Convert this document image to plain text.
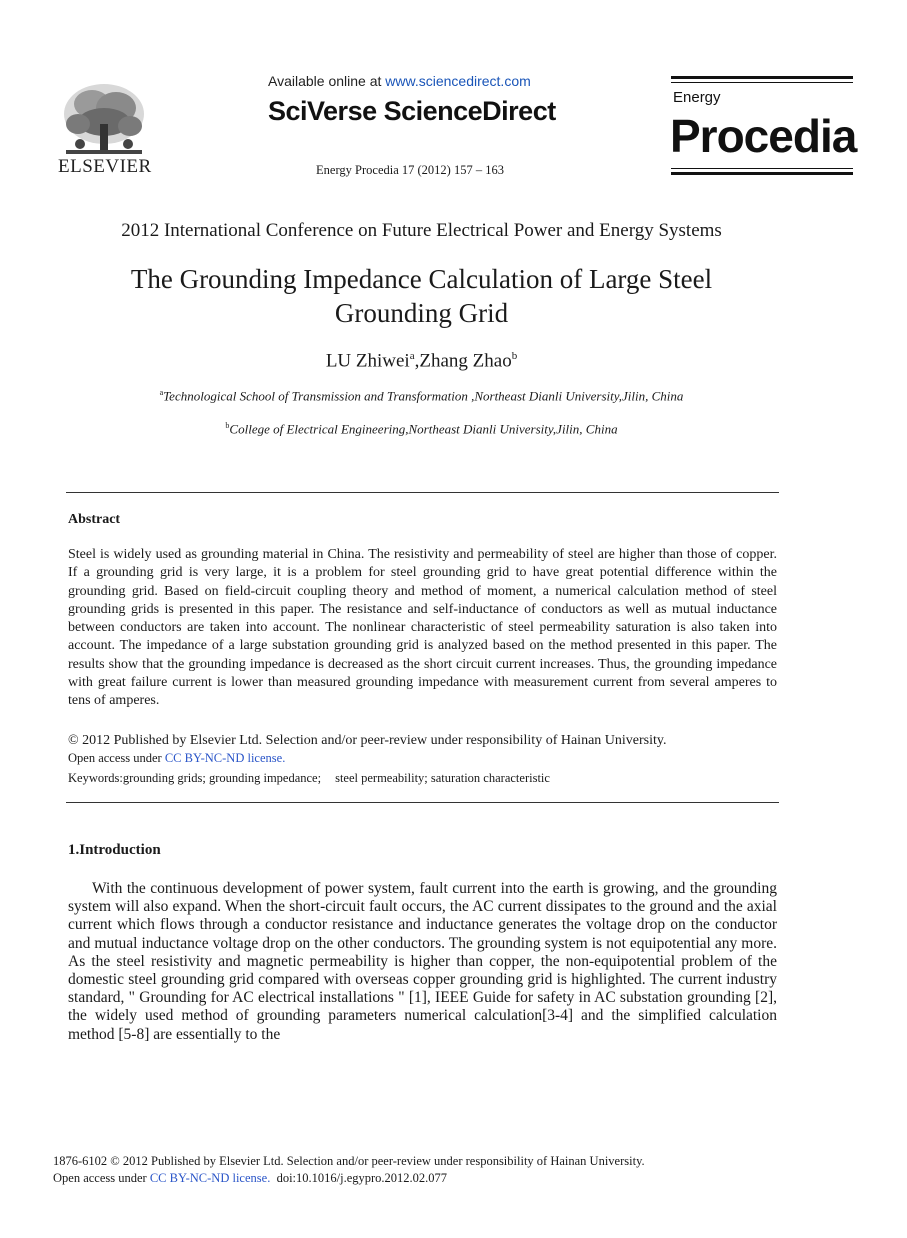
ELSEVIER
Available online at www.sciencedirect.com
SciVerse ScienceDirect
Energy Procedia 17 (2012) 157 – 163
Energy
Procedia
2012 International Conference on Future Electrical Power and Energy Systems
The Grounding Impedance Calculation of Large Steel Grounding Grid
LU Zhiwei$^a$,Zhang Zhao$^b$
$^a$Technological School of Transmission and Transformation ,Northeast Dianli University,Jilin, China
$^b$College of Electrical Engineering,Northeast Dianli University,Jilin, China
Abstract
Steel is widely used as grounding material in China. The resistivity and permeability of steel are higher than those of copper. If a grounding grid is very large, it is a problem for steel grounding grid to have great potential difference within the grounding grid. Based on field-circuit coupling theory and method of moment, a numerical calculation method of steel grounding grids is presented in this paper. The resistance and self-inductance of conductors as well as mutual inductance between conductors are taken into account. The nonlinear characteristic of steel permeability saturation is also taken into account. The impedance of a large substation grounding grid is analyzed based on the method presented in this paper. The results show that the grounding impedance is decreased as the short circuit current increases. Thus, the grounding impedance with great failure current is lower than measured grounding impedance with measurement current from several amperes to tens of amperes.
© 2012 Published by Elsevier Ltd. Selection and/or peer-review under responsibility of Hainan University.
Open access under CC BY-NC-ND license.
Keywords:grounding grids; grounding impedance; steel permeability; saturation characteristic
1.Introduction
With the continuous development of power system, fault current into the earth is growing, and the grounding system will also expand. When the short-circuit fault occurs, the AC current dissipates to the ground and the axial current which flows through a conductor resistance and inductance generates the voltage drop on the conductor and mutual inductance voltage drop on the other conductors. The grounding system is not equipotential any more. As the steel resistivity and magnetic permeability is higher than copper, the non-equipotential problem of the domestic steel grounding grid compared with overseas copper grounding grid is highlighted. The current industry standard, " Grounding for AC electrical installations " [1], IEEE Guide for safety in AC substation grounding [2], the widely used method of grounding parameters numerical calculation[3-4] and the simplified calculation method [5-8] are essentially to the
1876-6102 © 2012 Published by Elsevier Ltd. Selection and/or peer-review under responsibility of Hainan University.
Open access under CC BY-NC-ND license. doi:10.1016/j.egypro.2012.02.077
